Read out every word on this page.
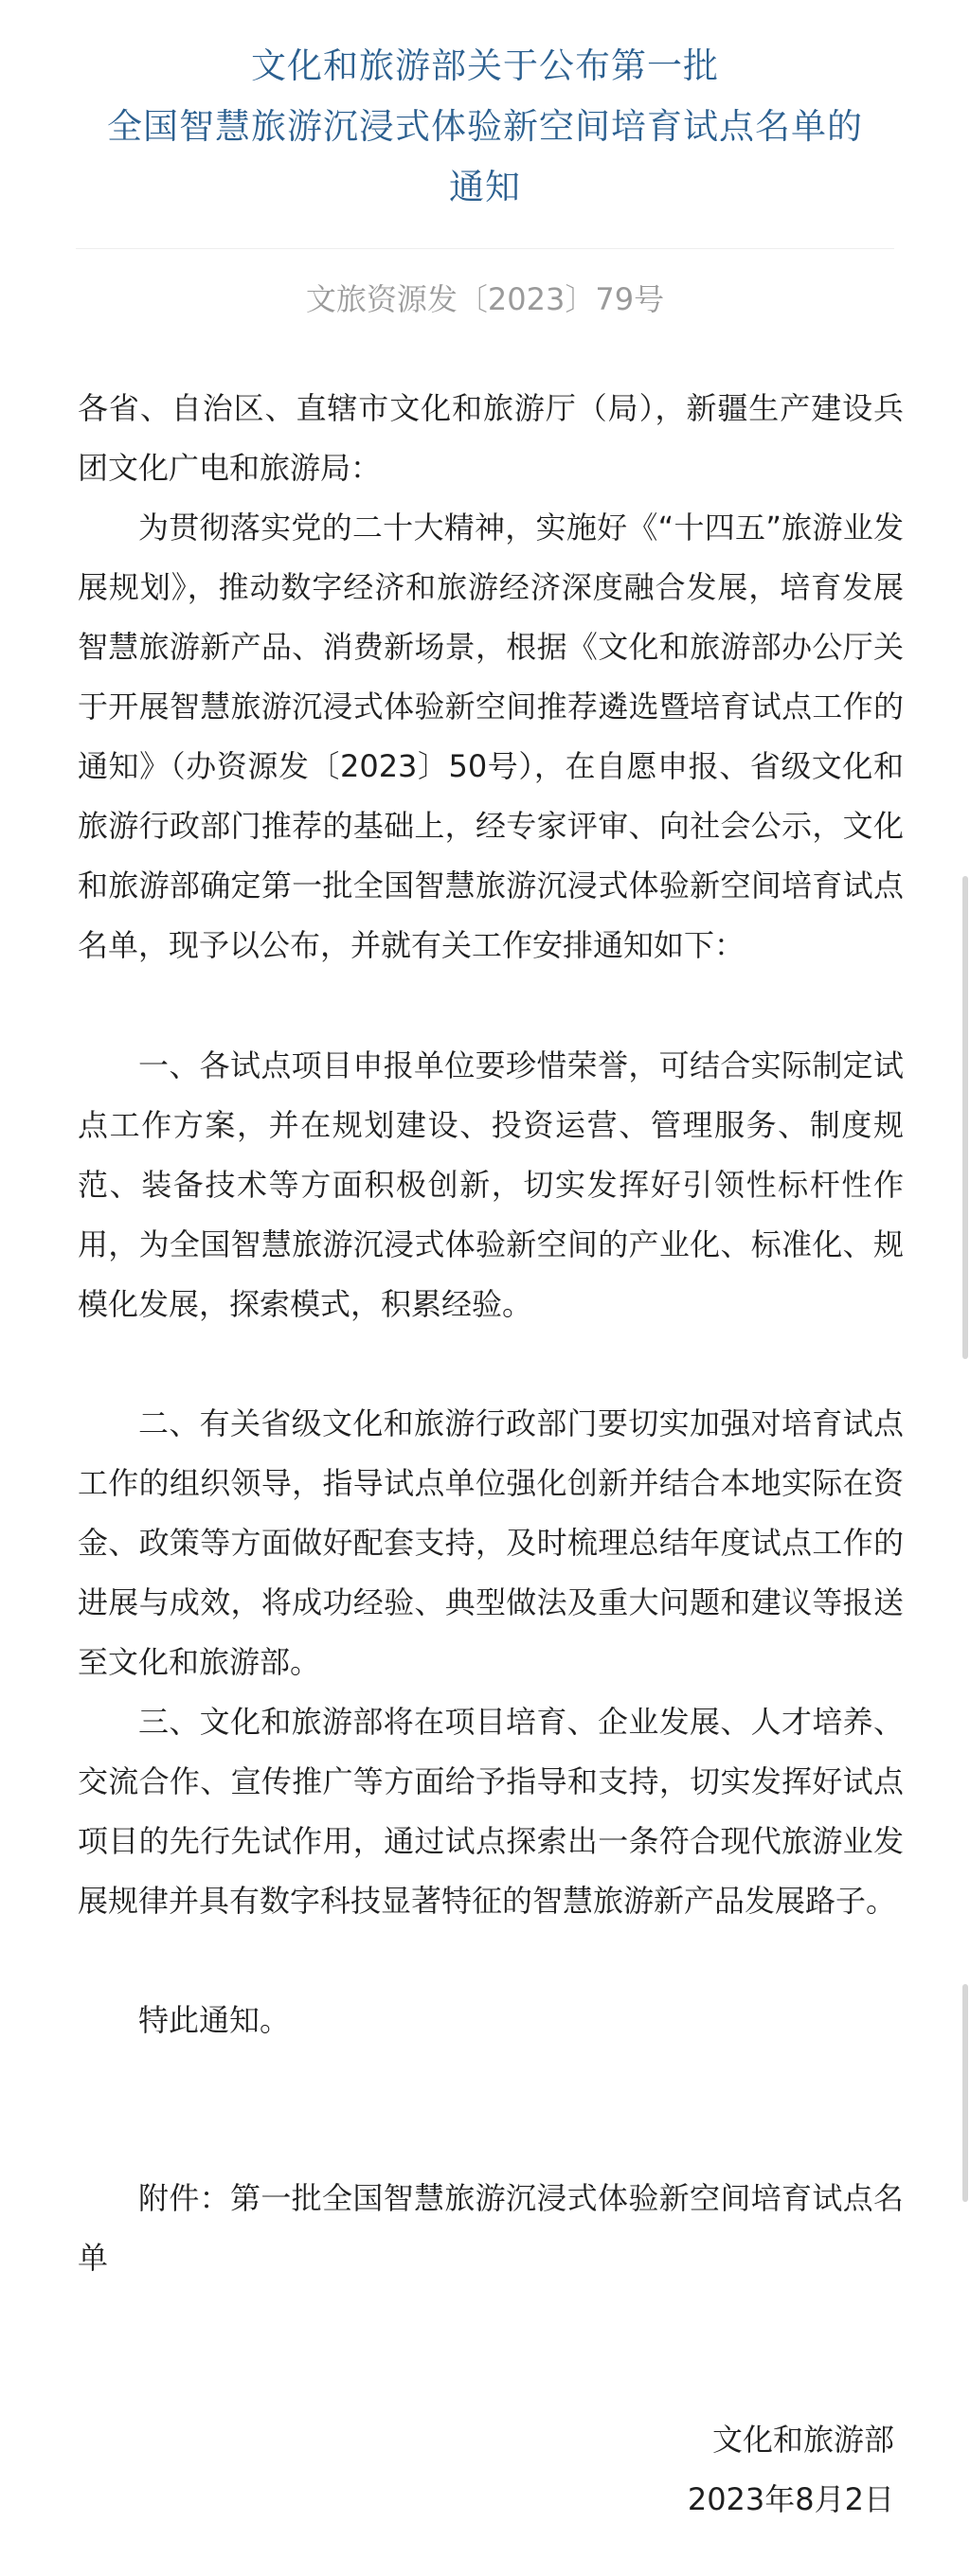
文化和旅游部关于公布第一批
全国智慧旅游沉浸式体验新空间培育试点名单的
通知
文旅资源发〔2023〕79号

各省、自治区、直辖市文化和旅游厅（局），新疆生产建设兵团文化广电和旅游局：

为贯彻落实党的二十大精神，实施好《“十四五”旅游业发展规划》，推动数字经济和旅游经济深度融合发展，培育发展智慧旅游新产品、消费新场景，根据《文化和旅游部办公厅关于开展智慧旅游沉浸式体验新空间推荐遴选暨培育试点工作的通知》（办资源发〔2023〕50号），在自愿申报、省级文化和旅游行政部门推荐的基础上，经专家评审、向社会公示，文化和旅游部确定第一批全国智慧旅游沉浸式体验新空间培育试点名单，现予以公布，并就有关工作安排通知如下：

一、各试点项目申报单位要珍惜荣誉，可结合实际制定试点工作方案，并在规划建设、投资运营、管理服务、制度规范、装备技术等方面积极创新，切实发挥好引领性标杆性作用，为全国智慧旅游沉浸式体验新空间的产业化、标准化、规模化发展，探索模式，积累经验。

二、有关省级文化和旅游行政部门要切实加强对培育试点工作的组织领导，指导试点单位强化创新并结合本地实际在资金、政策等方面做好配套支持，及时梳理总结年度试点工作的进展与成效，将成功经验、典型做法及重大问题和建议等报送至文化和旅游部。

三、文化和旅游部将在项目培育、企业发展、人才培养、交流合作、宣传推广等方面给予指导和支持，切实发挥好试点项目的先行先试作用，通过试点探索出一条符合现代旅游业发展规律并具有数字科技显著特征的智慧旅游新产品发展路子。

特此通知。

附件：第一批全国智慧旅游沉浸式体验新空间培育试点名单

文化和旅游部

2023年8月2日
